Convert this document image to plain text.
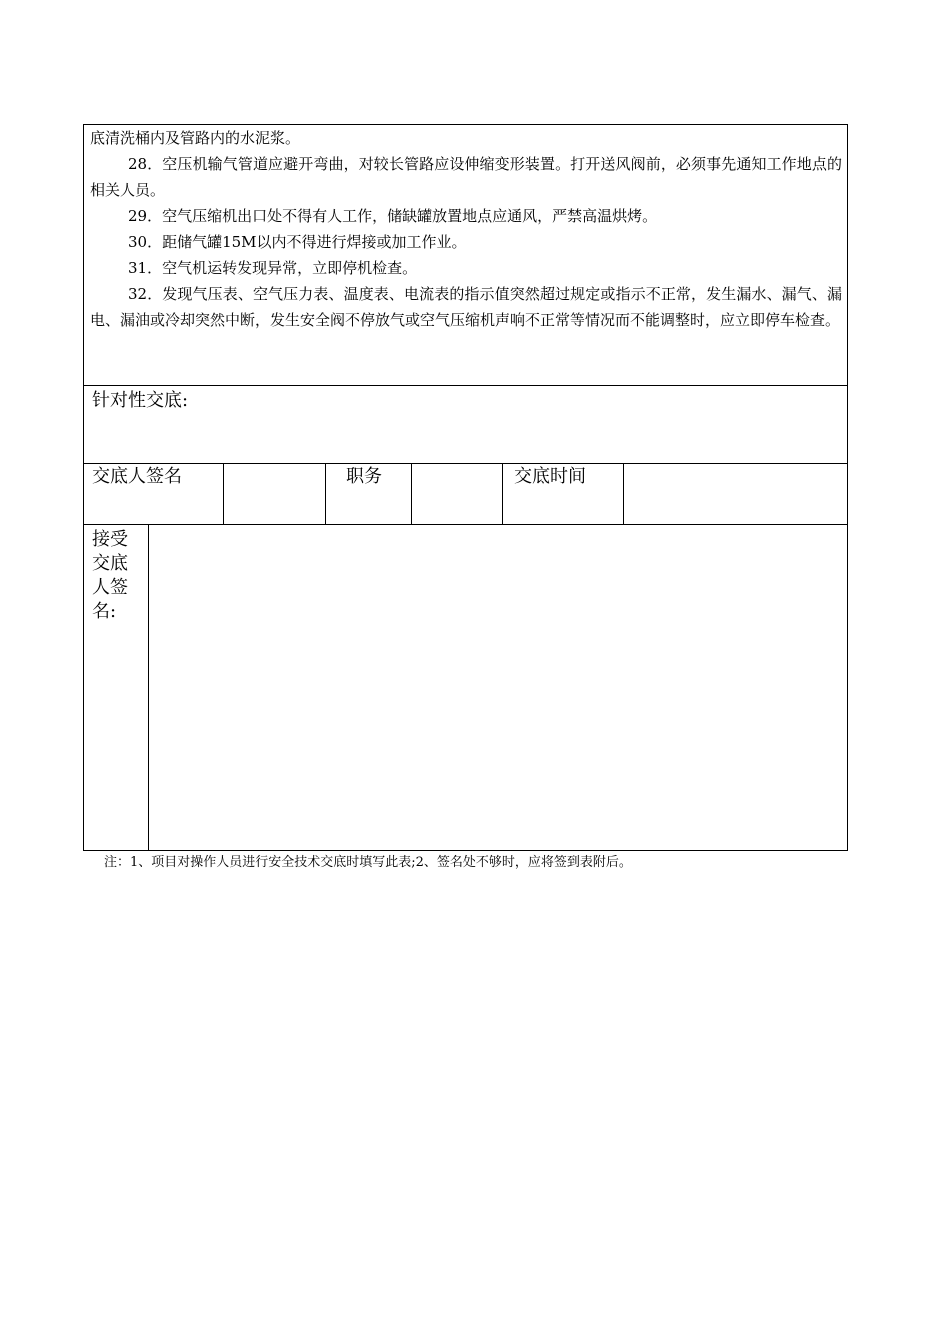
底清洗桶内及管路内的水泥浆。

28．空压机输气管道应避开弯曲，对较长管路应设伸缩变形装置。打开送风阀前，必须事先通知工作地点的相关人员。

29．空气压缩机出口处不得有人工作，储缺罐放置地点应通风，严禁高温烘烤。

30．距储气罐15M以内不得进行焊接或加工作业。

31．空气机运转发现异常，立即停机检查。

32．发现气压表、空气压力表、温度表、电流表的指示值突然超过规定或指示不正常，发生漏水、漏气、漏电、漏油或冷却突然中断，发生安全阀不停放气或空气压缩机声响不正常等情况而不能调整时，应立即停车检查。

针对性交底:
交底人签名	职务	交底时间
接受交底人签名:
注：1、项目对操作人员进行安全技术交底时填写此表;2、签名处不够时，应将签到表附后。
